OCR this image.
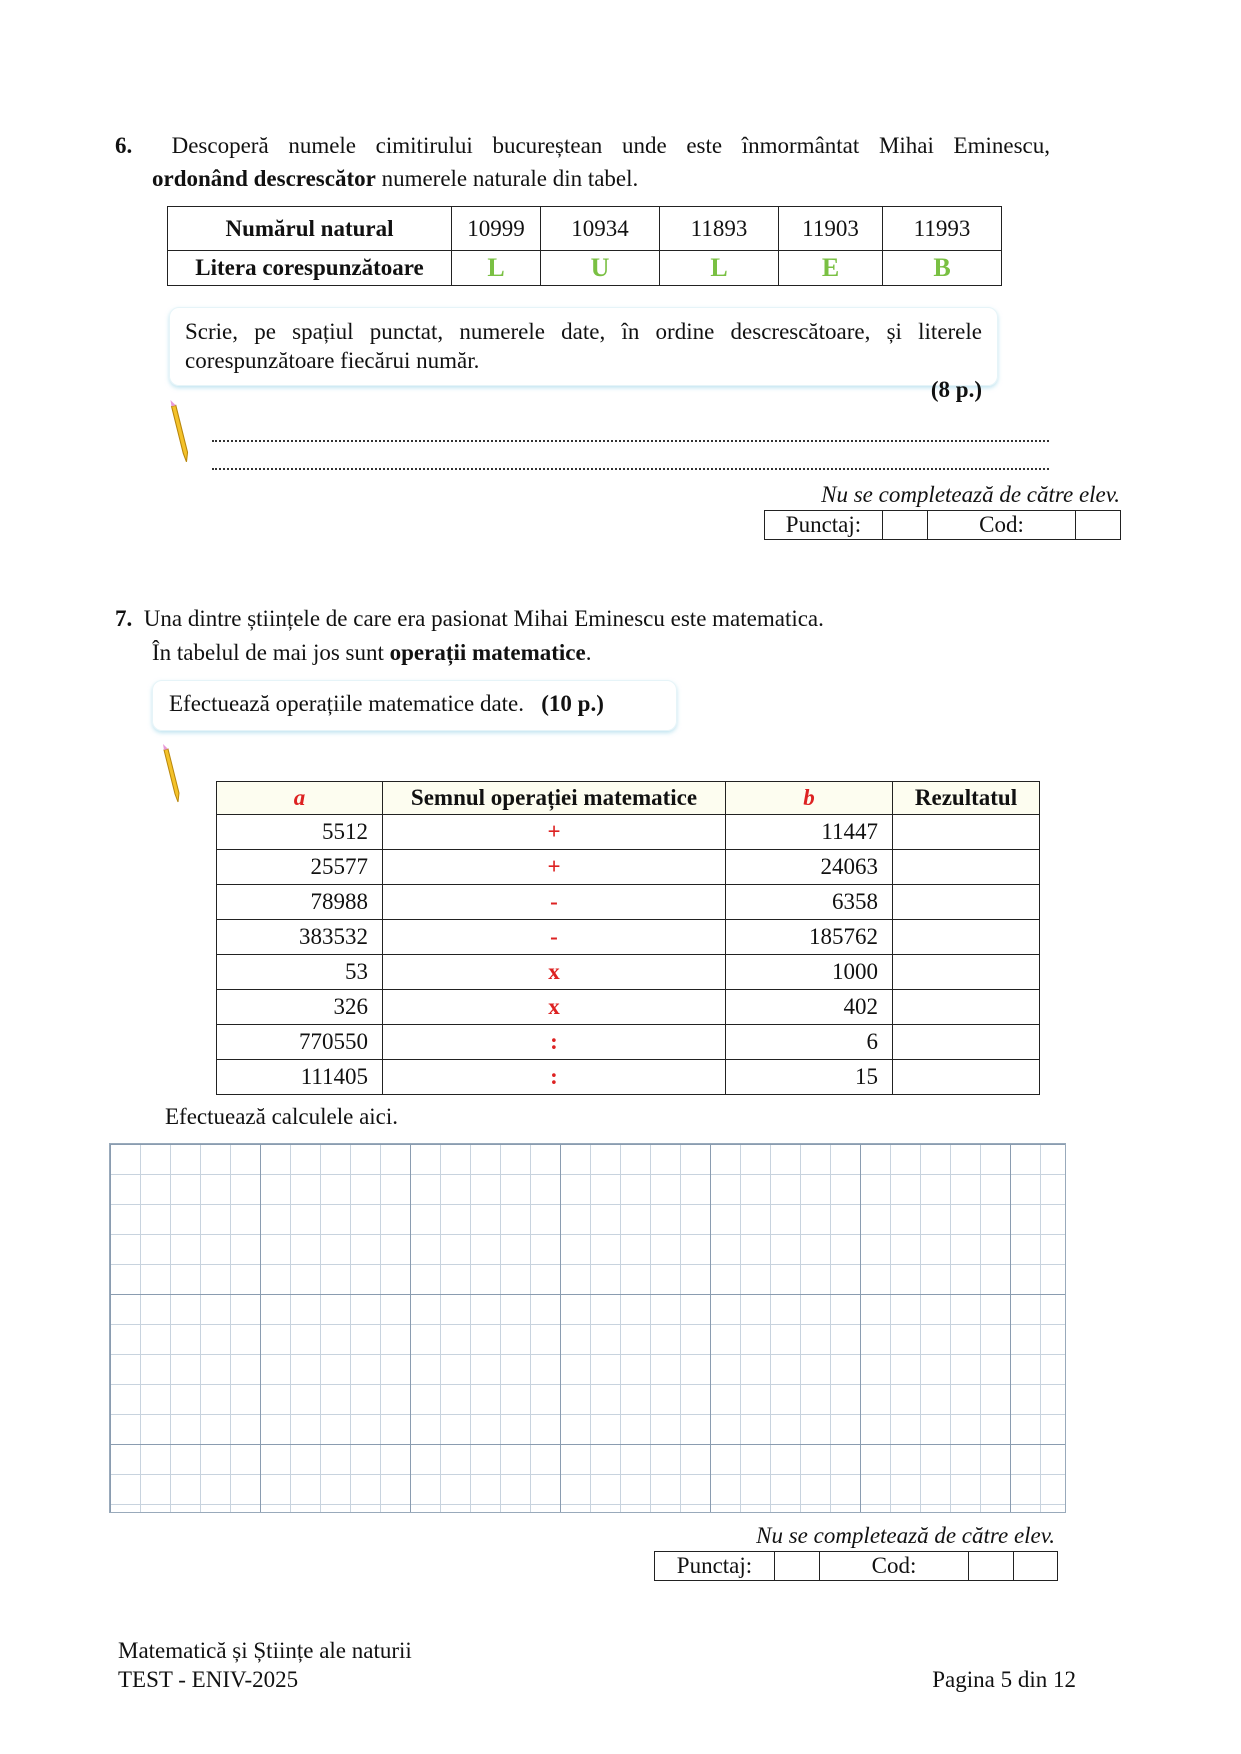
6. Descoperă numele cimitirului bucureștean unde este înmormântat Mihai Eminescu,
ordonând descrescător numerele naturale din tabel.
Numărul natural	10999	10934	11893	11903	11993
Litera corespunzătoare	L	U	L	E	B
Scrie, pe spațiul punctat, numerele date, în ordine descrescătoare, și literele corespunzătoare fiecărui număr.
(8 p.)
Nu se completează de către elev.
Punctaj:	Cod:
7. Una dintre științele de care era pasionat Mihai Eminescu este matematica.
În tabelul de mai jos sunt operații matematice.
Efectuează operațiile matematice date. (10 p.)
a	Semnul operației matematice	b	Rezultatul
5512	+	11447	
25577	+	24063	
78988	-	6358	
383532	-	185762	
53	x	1000	
326	x	402	
770550	:	6	
111405	:	15	
Efectuează calculele aici.
Nu se completează de către elev.
Punctaj:	Cod:
Matematică și Științe ale naturii
TEST - ENIV-2025	Pagina 5 din 12
